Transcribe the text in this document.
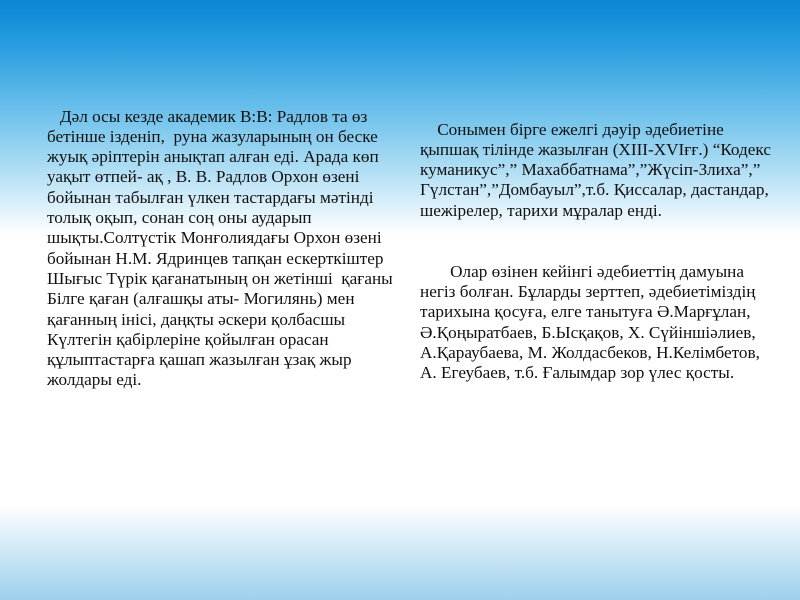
Дәл осы кезде академик В:В: Радлов та өз бетінше ізденіп,  руна жазуларының он беске жуық әріптерін анықтап алған еді. Арада көп уақыт өтпей- ақ , В. В. Радлов Орхон өзені бойынан табылған үлкен тастардағы мәтінді толық оқып, сонан соң оны аударып шықты.Солтүстік Монғолиядағы Орхон өзені бойынан Н.М. Ядринцев тапқан ескерткіштер Шығыс Түрік қағанатының он жетінші  қағаны Білге қаған (алғашқы аты- Могилянь) мен қағанның інісі, даңқты әскери қолбасшы Күлтегін қабірлеріне қойылған орасан құлыптастарға қашап жазылған ұзақ жыр жолдары еді.

Сонымен бірге ежелгі дәуір әдебиетіне қыпшақ тілінде жазылған (ХІІІ-ХVІғғ.) “Кодекс куманикус”,” Махаббатнама”,”Жүсіп-Злиха”,” Гүлстан”,”Домбауыл”,т.б. Қиссалар, дастандар, шежірелер, тарихи мұралар енді.

Олар өзінен кейінгі әдебиеттің дамуына негіз болған. Бұларды зерттеп, әдебиетіміздің тарихына қосуға, елге танытуға Ә.Марғұлан, Ә.Қоңыратбаев, Б.Ысқақов, Х. Сүйіншіәлиев, А.Қараубаева, М. Жолдасбеков, Н.Келімбетов, А. Егеубаев, т.б. Ғалымдар зор үлес қосты.
